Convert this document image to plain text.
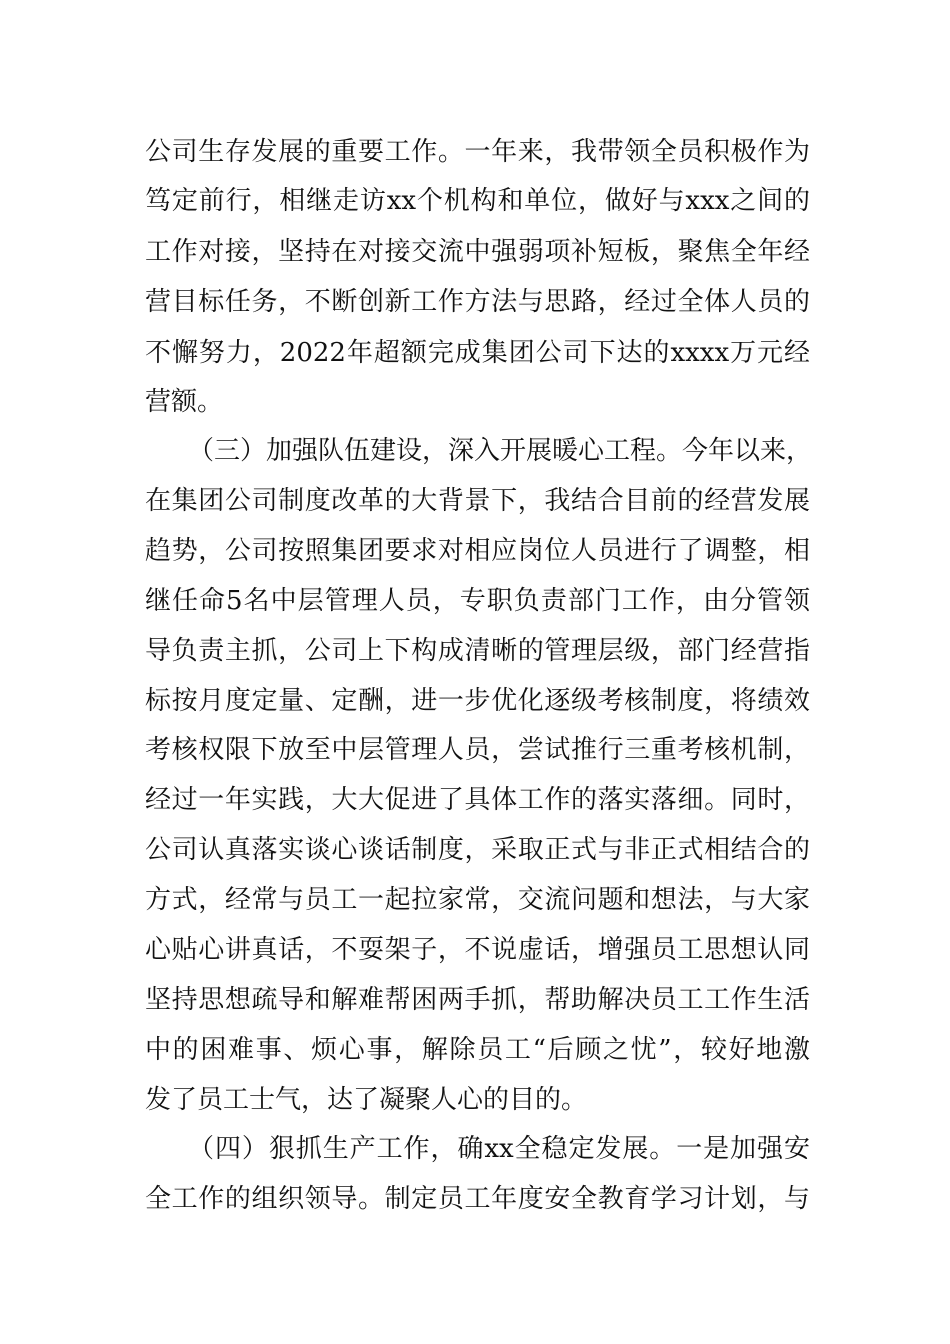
公司生存发展的重要工作。一年来，我带领全员积极作为
笃定前行，相继走访xx个机构和单位，做好与xxx之间的
工作对接，坚持在对接交流中强弱项补短板，聚焦全年经
营目标任务，不断创新工作方法与思路，经过全体人员的
不懈努力，2022年超额完成集团公司下达的xxxx万元经
营额。
（三）加强队伍建设，深入开展暖心工程。今年以来，
在集团公司制度改革的大背景下，我结合目前的经营发展
趋势，公司按照集团要求对相应岗位人员进行了调整，相
继任命5名中层管理人员，专职负责部门工作，由分管领
导负责主抓，公司上下构成清晰的管理层级，部门经营指
标按月度定量、定酬，进一步优化逐级考核制度，将绩效
考核权限下放至中层管理人员，尝试推行三重考核机制，
经过一年实践，大大促进了具体工作的落实落细。同时，
公司认真落实谈心谈话制度，采取正式与非正式相结合的
方式，经常与员工一起拉家常，交流问题和想法，与大家
心贴心讲真话，不耍架子，不说虚话，增强员工思想认同
坚持思想疏导和解难帮困两手抓，帮助解决员工工作生活
中的困难事、烦心事，解除员工“后顾之忧”，较好地激
发了员工士气，达了凝聚人心的目的。
（四）狠抓生产工作，确xx全稳定发展。一是加强安
全工作的组织领导。制定员工年度安全教育学习计划，与
